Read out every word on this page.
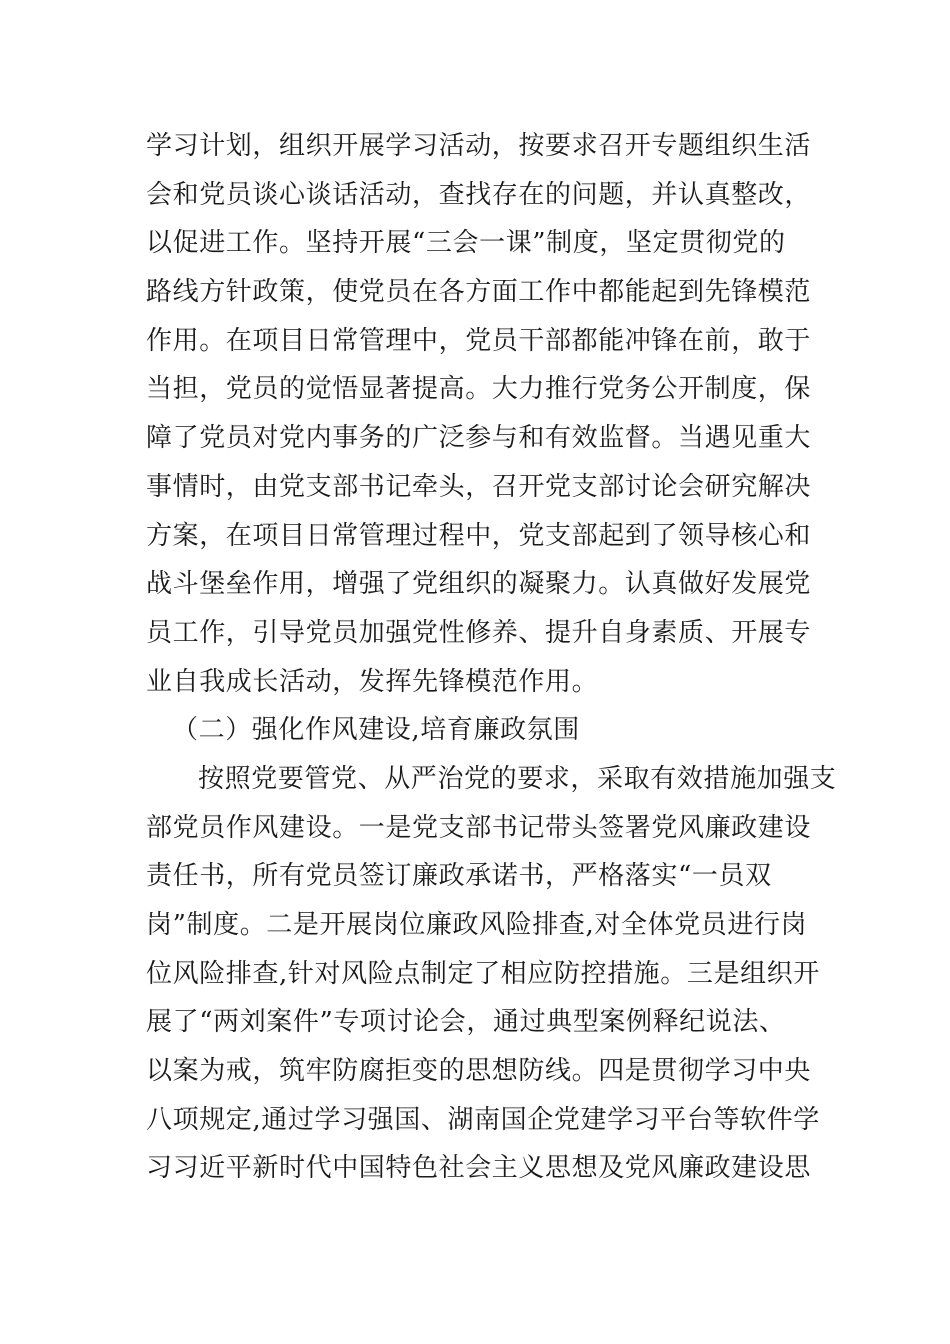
学习计划，组织开展学习活动，按要求召开专题组织生活
会和党员谈心谈话活动，查找存在的问题，并认真整改，
以促进工作。坚持开展“三会一课”制度，坚定贯彻党的
路线方针政策，使党员在各方面工作中都能起到先锋模范
作用。在项目日常管理中，党员干部都能冲锋在前，敢于
当担，党员的觉悟显著提高。大力推行党务公开制度，保
障了党员对党内事务的广泛参与和有效监督。当遇见重大
事情时，由党支部书记牵头，召开党支部讨论会研究解决
方案，在项目日常管理过程中，党支部起到了领导核心和
战斗堡垒作用，增强了党组织的凝聚力。认真做好发展党
员工作，引导党员加强党性修养、提升自身素质、开展专
业自我成长活动，发挥先锋模范作用。
（二）强化作风建设,培育廉政氛围
按照党要管党、从严治党的要求，采取有效措施加强支
部党员作风建设。一是党支部书记带头签署党风廉政建设
责任书，所有党员签订廉政承诺书，严格落实“一员双
岗”制度。二是开展岗位廉政风险排查,对全体党员进行岗
位风险排查,针对风险点制定了相应防控措施。三是组织开
展了“两刘案件”专项讨论会，通过典型案例释纪说法、
以案为戒，筑牢防腐拒变的思想防线。四是贯彻学习中央
八项规定,通过学习强国、湖南国企党建学习平台等软件学
习习近平新时代中国特色社会主义思想及党风廉政建设思
